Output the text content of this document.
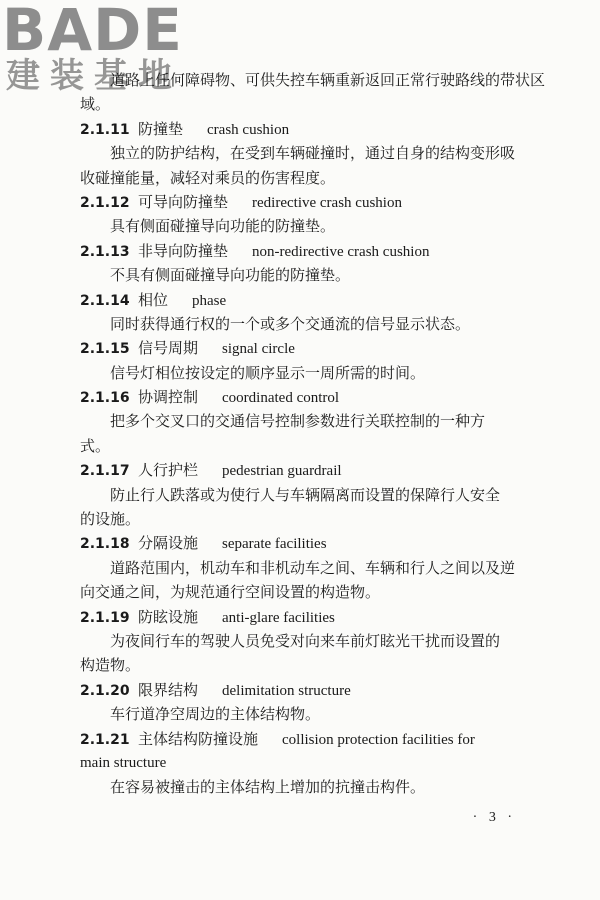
BADE
建装基地
道路上任何障碍物、可供失控车辆重新返回正常行驶路线的带状区
域。
2.1.11 防撞垫 crash cushion
独立的防护结构，在受到车辆碰撞时，通过自身的结构变形吸
收碰撞能量，减轻对乘员的伤害程度。
2.1.12 可导向防撞垫 redirective crash cushion
具有侧面碰撞导向功能的防撞垫。
2.1.13 非导向防撞垫 non-redirective crash cushion
不具有侧面碰撞导向功能的防撞垫。
2.1.14 相位 phase
同时获得通行权的一个或多个交通流的信号显示状态。
2.1.15 信号周期 signal circle
信号灯相位按设定的顺序显示一周所需的时间。
2.1.16 协调控制 coordinated control
把多个交叉口的交通信号控制参数进行关联控制的一种方
式。
2.1.17 人行护栏 pedestrian guardrail
防止行人跌落或为使行人与车辆隔离而设置的保障行人安全
的设施。
2.1.18 分隔设施 separate facilities
道路范围内，机动车和非机动车之间、车辆和行人之间以及逆
向交通之间，为规范通行空间设置的构造物。
2.1.19 防眩设施 anti-glare facilities
为夜间行车的驾驶人员免受对向来车前灯眩光干扰而设置的
构造物。
2.1.20 限界结构 delimitation structure
车行道净空周边的主体结构物。
2.1.21 主体结构防撞设施 collision protection facilities for
main structure
在容易被撞击的主体结构上增加的抗撞击构件。
· 3 ·
